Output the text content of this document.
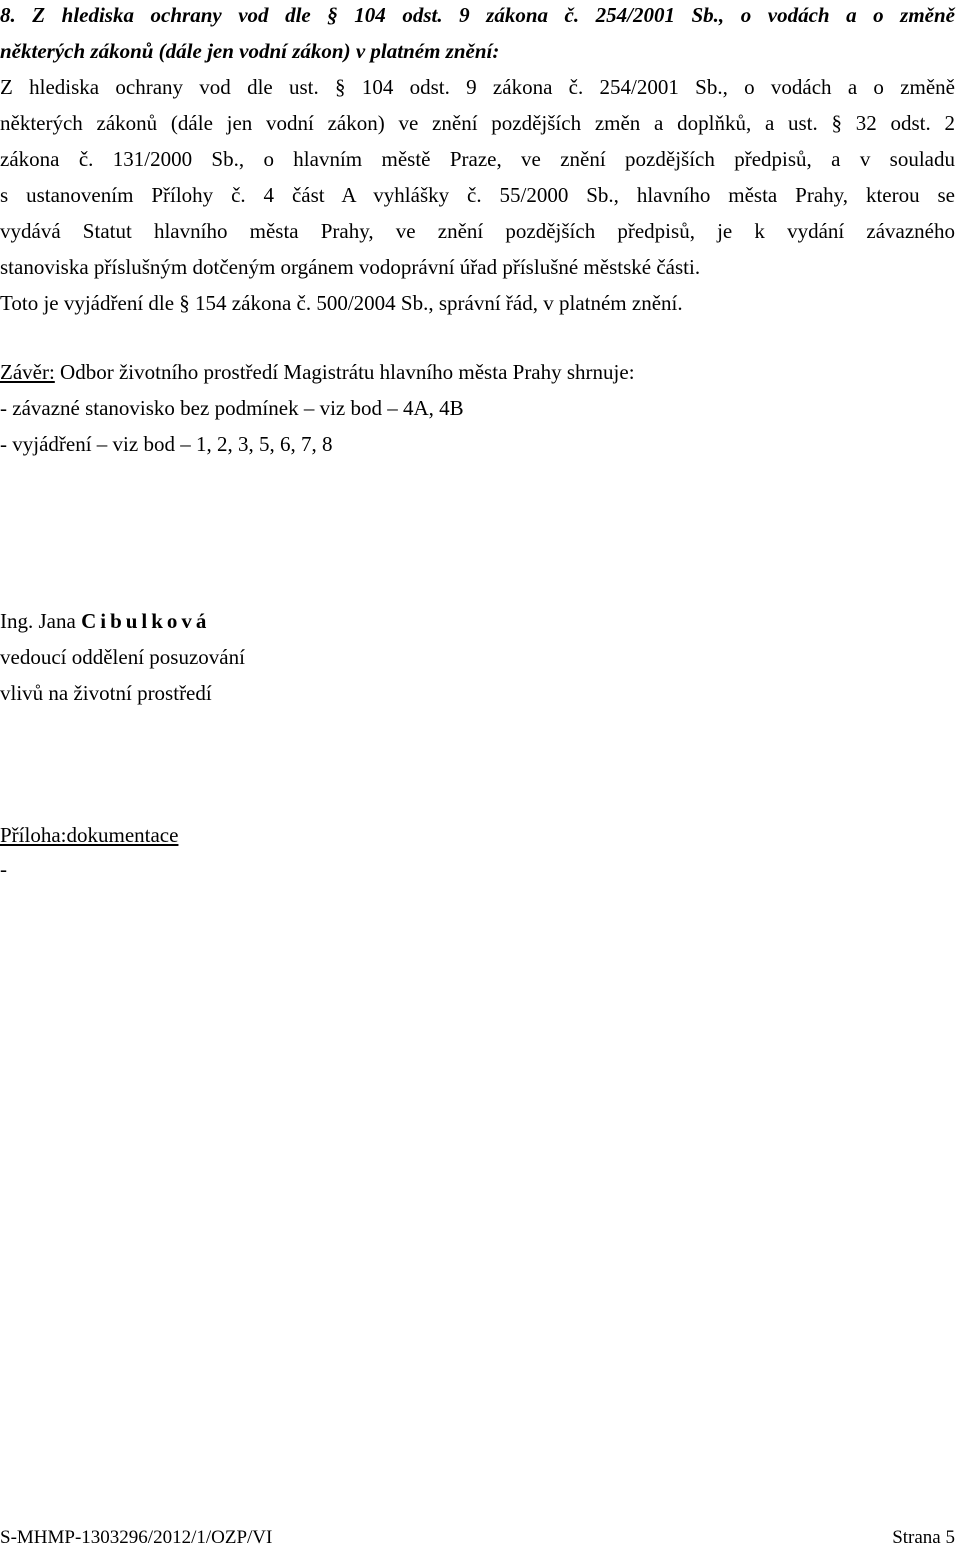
8. Z hlediska ochrany vod dle § 104 odst. 9 zákona č. 254/2001 Sb., o vodách a o změně
některých zákonů (dále jen vodní zákon) v platném znění:
Z hlediska ochrany vod dle ust. § 104 odst. 9 zákona č. 254/2001 Sb., o vodách a o změně
některých zákonů (dále jen vodní zákon) ve znění pozdějších změn a doplňků, a ust. § 32 odst. 2
zákona č. 131/2000 Sb., o hlavním městě Praze, ve znění pozdějších předpisů, a v souladu
s ustanovením Přílohy č. 4 část A vyhlášky č. 55/2000 Sb., hlavního města Prahy, kterou se
vydává Statut hlavního města Prahy, ve znění pozdějších předpisů, je k vydání závazného
stanoviska příslušným dotčeným orgánem vodoprávní úřad příslušné městské části.
Toto je vyjádření dle § 154 zákona č. 500/2004 Sb., správní řád, v platném znění.
Závěr: Odbor životního prostředí Magistrátu hlavního města Prahy shrnuje:
- závazné stanovisko bez podmínek – viz bod – 4A, 4B
- vyjádření – viz bod – 1, 2, 3, 5, 6, 7, 8
Ing. Jana Cibulková
vedoucí oddělení posuzování
vlivů na životní prostředí
Příloha:dokumentace
-
S-MHMP-1303296/2012/1/OZP/VI	Strana 5
